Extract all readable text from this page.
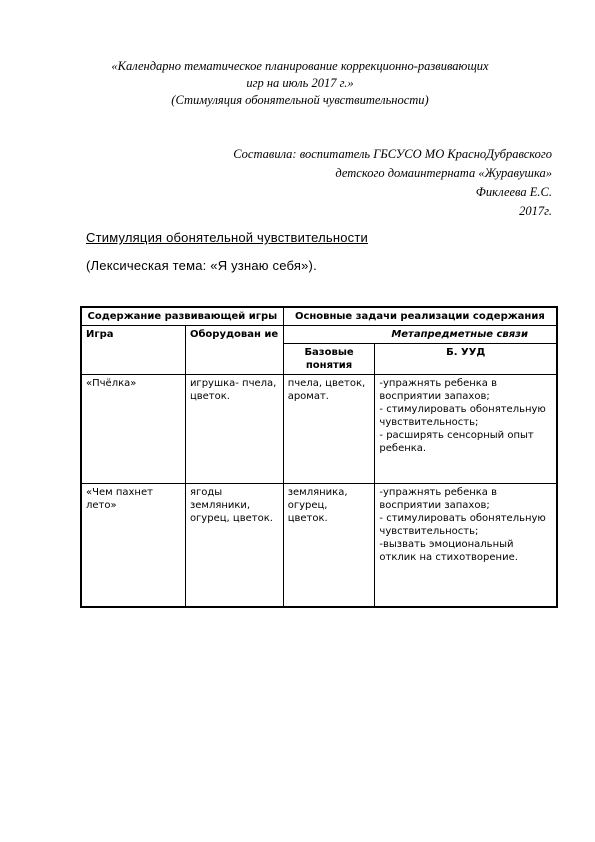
«Календарно тематическое планирование коррекционно-развивающих
игр на июль 2017 г.»
(Стимуляция обонятельной чувствительности)
Составила: воспитатель ГБСУСО МО КрасноДубравского
детского домаинтерната «Журавушка»
Фиклеева Е.С.
2017г.
Стимуляция обонятельной чувствительности
(Лексическая тема: «Я узнаю себя»).
Содержание развивающей игры		Основные задачи реализации содержания	
Игра	Оборудован ие	Метапредметные связи	
		Базовые понятия	Б. УУД
«Пчёлка»	игрушка- пчела, цветок.	пчела, цветок, аромат.	-упражнять ребенка в восприятии запахов;
- стимулировать обонятельную чувствительность;
- расширять сенсорный опыт ребенка.

«Чем пахнет лето»	ягоды земляники, огурец, цветок.	земляника, огурец, цветок.	-упражнять ребенка в восприятии запахов;
- стимулировать обонятельную чувствительность;
-вызвать эмоциональный отклик на стихотворение.
